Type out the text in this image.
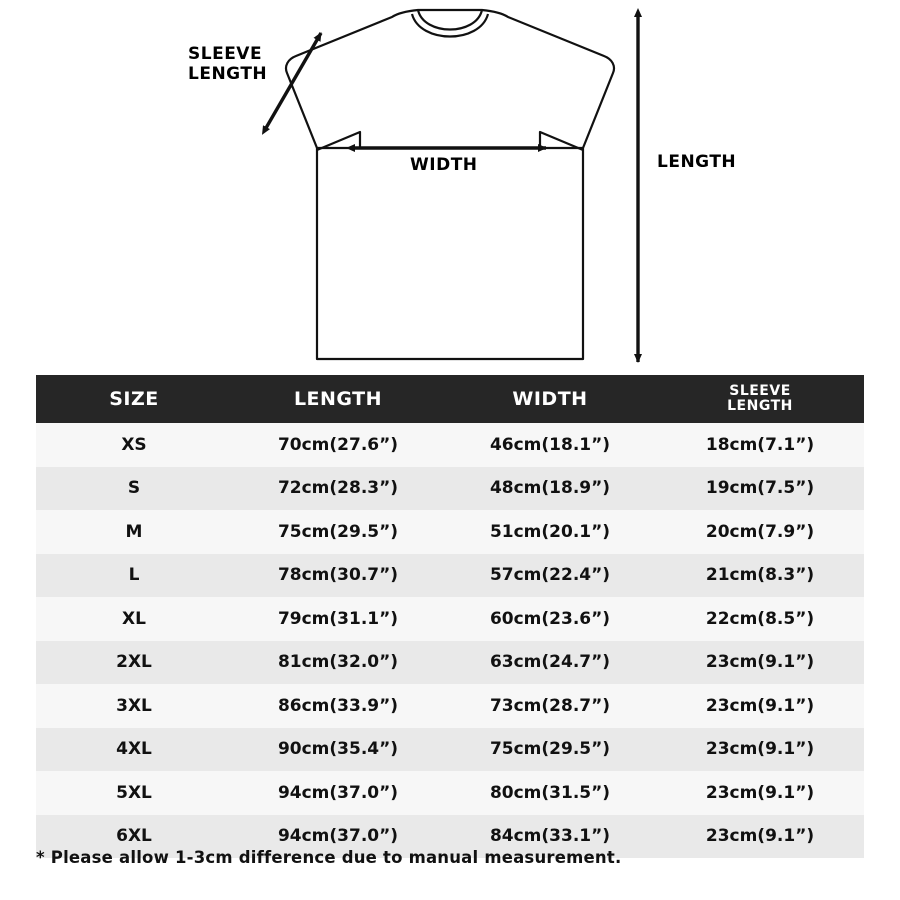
SLEEVE
LENGTH
WIDTH	LENGTH
SIZE	LENGTH	WIDTH	SLEEVE
LENGTH

XS	70cm(27.6”)	46cm(18.1”)	18cm(7.1”)
S	72cm(28.3”)	48cm(18.9”)	19cm(7.5”)
M	75cm(29.5”)	51cm(20.1”)	20cm(7.9”)
L	78cm(30.7”)	57cm(22.4”)	21cm(8.3”)
XL	79cm(31.1”)	60cm(23.6”)	22cm(8.5”)
2XL	81cm(32.0”)	63cm(24.7”)	23cm(9.1”)
3XL	86cm(33.9”)	73cm(28.7”)	23cm(9.1”)
4XL	90cm(35.4”)	75cm(29.5”)	23cm(9.1”)
5XL	94cm(37.0”)	80cm(31.5”)	23cm(9.1”)
6XL	94cm(37.0”)	84cm(33.1”)	23cm(9.1”)
* Please allow 1-3cm difference due to manual measurement.
